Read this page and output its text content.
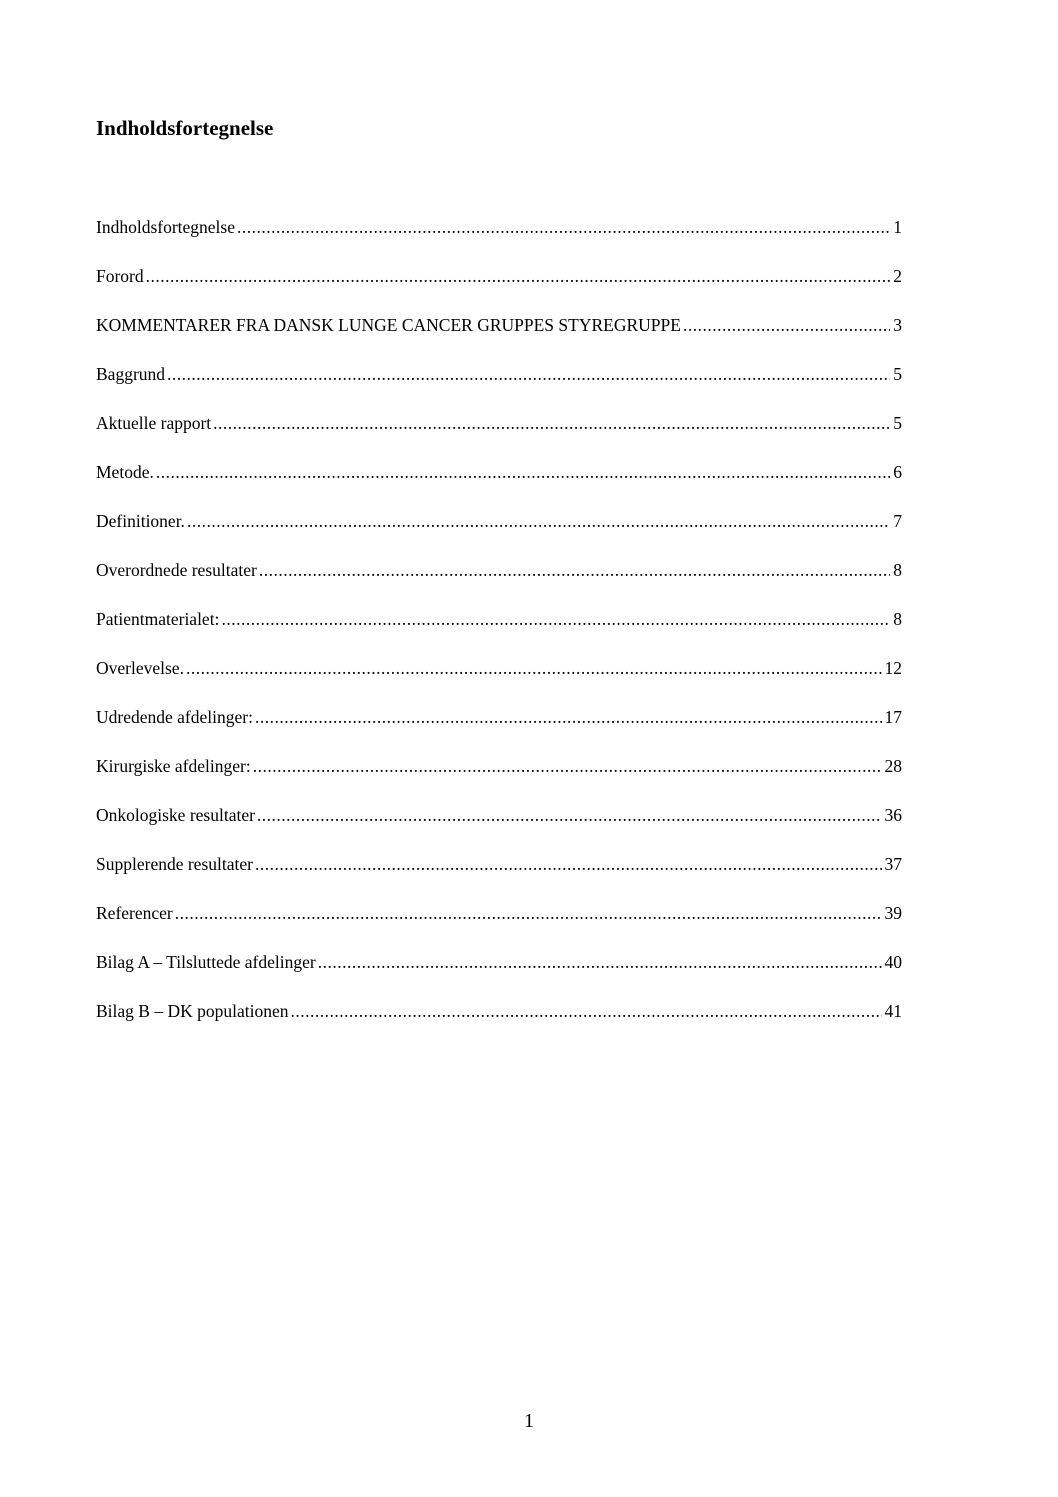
Indholdsfortegnelse
Indholdsfortegnelse .....	1
Forord .....	2
KOMMENTARER FRA DANSK LUNGE CANCER GRUPPES STYREGRUPPE .....	3
Baggrund .....	5
Aktuelle rapport .....	5
Metode. .....	6
Definitioner. .....	7
Overordnede resultater .....	8
Patientmaterialet: .....	8
Overlevelse. .....	12
Udredende afdelinger: .....	17
Kirurgiske afdelinger: .....	28
Onkologiske resultater .....	36
Supplerende resultater .....	37
Referencer .....	39
Bilag A – Tilsluttede afdelinger .....	40
Bilag B – DK populationen .....	41
1
